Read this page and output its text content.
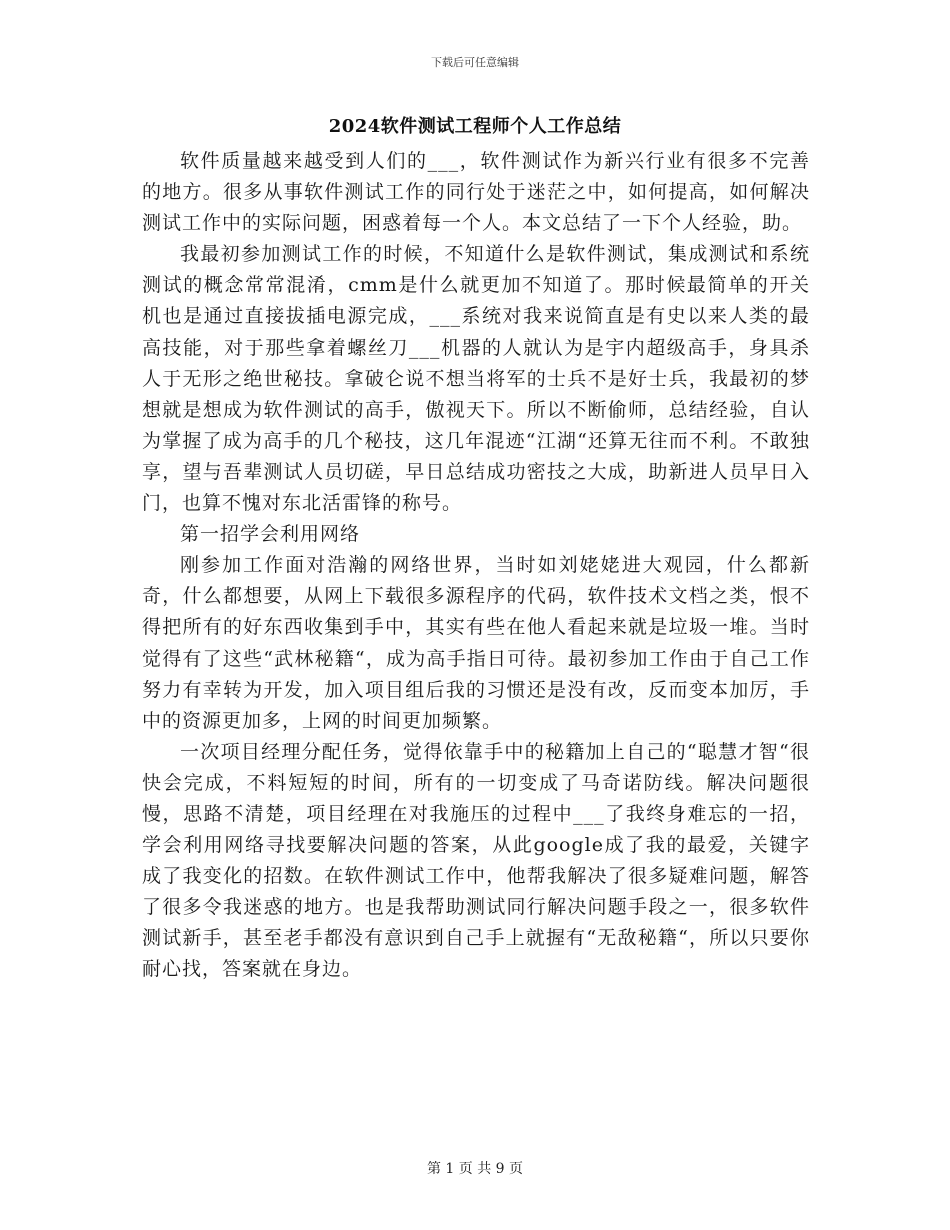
下载后可任意编辑
2024软件测试工程师个人工作总结

软件质量越来越受到人们的___，软件测试作为新兴行业有很多不完善的地方。很多从事软件测试工作的同行处于迷茫之中，如何提高，如何解决测试工作中的实际问题，困惑着每一个人。本文总结了一下个人经验，助。

我最初参加测试工作的时候，不知道什么是软件测试，集成测试和系统测试的概念常常混淆，cmm是什么就更加不知道了。那时候最简单的开关机也是通过直接拔插电源完成，___系统对我来说简直是有史以来人类的最高技能，对于那些拿着螺丝刀___机器的人就认为是宇内超级高手，身具杀人于无形之绝世秘技。拿破仑说不想当将军的士兵不是好士兵，我最初的梦想就是想成为软件测试的高手，傲视天下。所以不断偷师，总结经验，自认为掌握了成为高手的几个秘技，这几年混迹“江湖“还算无往而不利。不敢独享，望与吾辈测试人员切磋，早日总结成功密技之大成，助新进人员早日入门，也算不愧对东北活雷锋的称号。

第一招学会利用网络

刚参加工作面对浩瀚的网络世界，当时如刘姥姥进大观园，什么都新奇，什么都想要，从网上下载很多源程序的代码，软件技术文档之类，恨不得把所有的好东西收集到手中，其实有些在他人看起来就是垃圾一堆。当时觉得有了这些“武林秘籍“，成为高手指日可待。最初参加工作由于自己工作努力有幸转为开发，加入项目组后我的习惯还是没有改，反而变本加厉，手中的资源更加多，上网的时间更加频繁。

一次项目经理分配任务，觉得依靠手中的秘籍加上自己的“聪慧才智“很快会完成，不料短短的时间，所有的一切变成了马奇诺防线。解决问题很慢，思路不清楚，项目经理在对我施压的过程中___了我终身难忘的一招，学会利用网络寻找要解决问题的答案，从此google成了我的最爱，关键字成了我变化的招数。在软件测试工作中，他帮我解决了很多疑难问题，解答了很多令我迷惑的地方。也是我帮助测试同行解决问题手段之一，很多软件测试新手，甚至老手都没有意识到自己手上就握有“无敌秘籍“，所以只要你耐心找，答案就在身边。

第 1 页 共 9 页
